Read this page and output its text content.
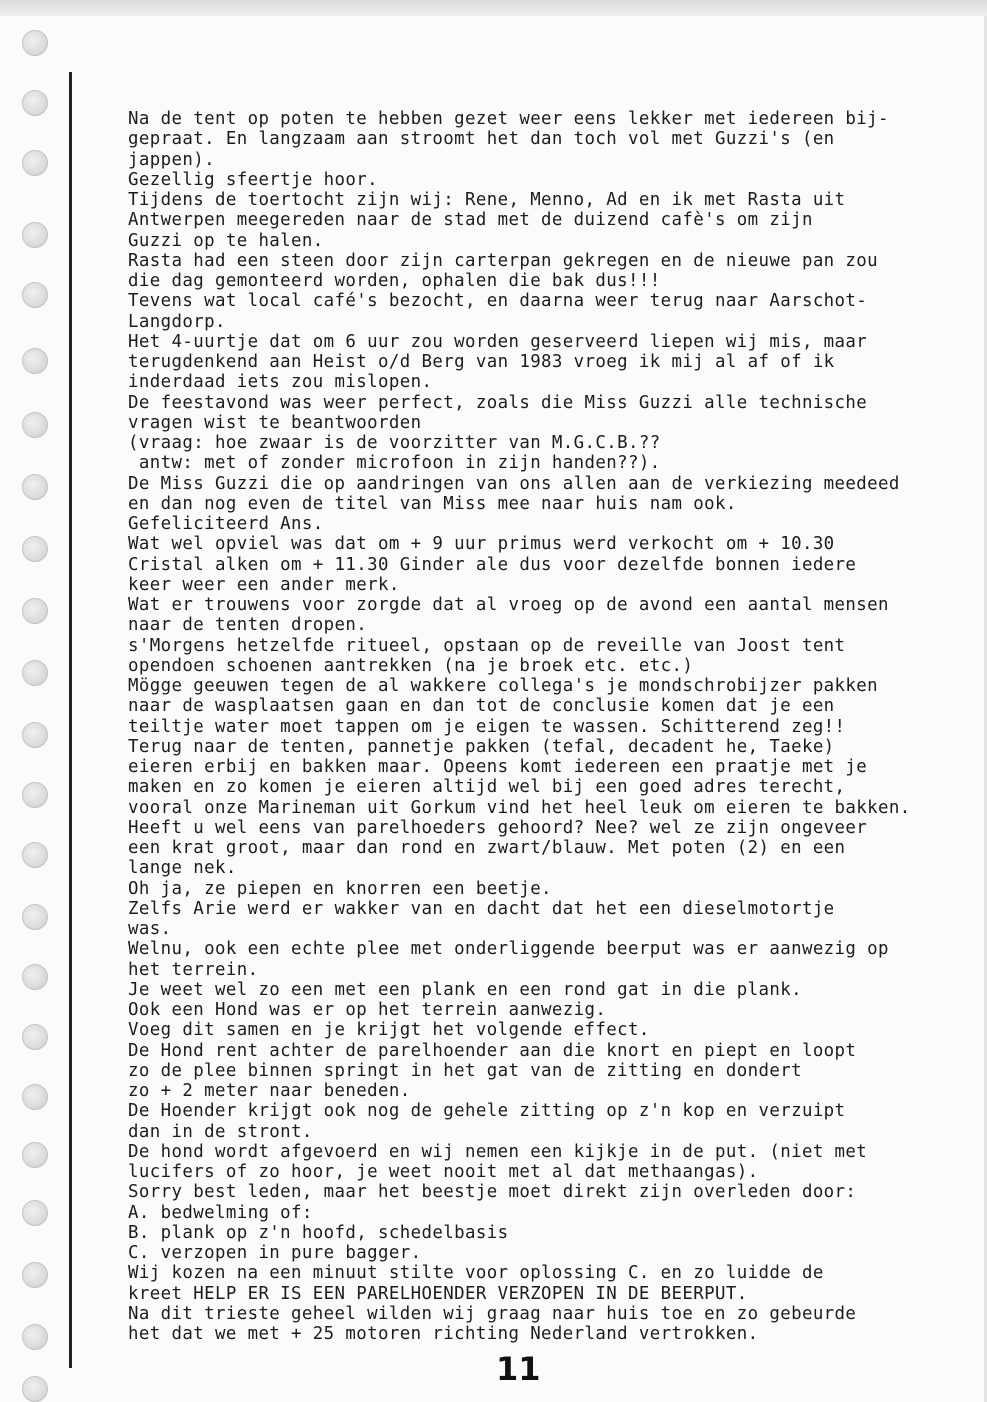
Na de tent op poten te hebben gezet weer eens lekker met iedereen bij-
gepraat. En langzaam aan stroomt het dan toch vol met Guzzi's (en
jappen).
Gezellig sfeertje hoor.
Tijdens de toertocht zijn wij: Rene, Menno, Ad en ik met Rasta uit
Antwerpen meegereden naar de stad met de duizend cafè's om zijn
Guzzi op te halen.
Rasta had een steen door zijn carterpan gekregen en de nieuwe pan zou
die dag gemonteerd worden, ophalen die bak dus!!!
Tevens wat local café's bezocht, en daarna weer terug naar Aarschot-
Langdorp.
Het 4-uurtje dat om 6 uur zou worden geserveerd liepen wij mis, maar
terugdenkend aan Heist o/d Berg van 1983 vroeg ik mij al af of ik
inderdaad iets zou mislopen.
De feestavond was weer perfect, zoals die Miss Guzzi alle technische
vragen wist te beantwoorden
(vraag: hoe zwaar is de voorzitter van M.G.C.B.??
antw: met of zonder microfoon in zijn handen??).
De Miss Guzzi die op aandringen van ons allen aan de verkiezing meedeed
en dan nog even de titel van Miss mee naar huis nam ook.
Gefeliciteerd Ans.
Wat wel opviel was dat om + 9 uur primus werd verkocht om + 10.30
Cristal alken om + 11.30 Ginder ale dus voor dezelfde bonnen iedere
keer weer een ander merk.
Wat er trouwens voor zorgde dat al vroeg op de avond een aantal mensen
naar de tenten dropen.
s'Morgens hetzelfde ritueel, opstaan op de reveille van Joost tent
opendoen schoenen aantrekken (na je broek etc. etc.)
Mögge geeuwen tegen de al wakkere collega's je mondschrobijzer pakken
naar de wasplaatsen gaan en dan tot de conclusie komen dat je een
teiltje water moet tappen om je eigen te wassen. Schitterend zeg!!
Terug naar de tenten, pannetje pakken (tefal, decadent he, Taeke)
eieren erbij en bakken maar. Opeens komt iedereen een praatje met je
maken en zo komen je eieren altijd wel bij een goed adres terecht,
vooral onze Marineman uit Gorkum vind het heel leuk om eieren te bakken.
Heeft u wel eens van parelhoeders gehoord? Nee? wel ze zijn ongeveer
een krat groot, maar dan rond en zwart/blauw. Met poten (2) en een
lange nek.
Oh ja, ze piepen en knorren een beetje.
Zelfs Arie werd er wakker van en dacht dat het een dieselmotortje
was.
Welnu, ook een echte plee met onderliggende beerput was er aanwezig op
het terrein.
Je weet wel zo een met een plank en een rond gat in die plank.
Ook een Hond was er op het terrein aanwezig.
Voeg dit samen en je krijgt het volgende effect.
De Hond rent achter de parelhoender aan die knort en piept en loopt
zo de plee binnen springt in het gat van de zitting en dondert
zo + 2 meter naar beneden.
De Hoender krijgt ook nog de gehele zitting op z'n kop en verzuipt
dan in de stront.
De hond wordt afgevoerd en wij nemen een kijkje in de put. (niet met
lucifers of zo hoor, je weet nooit met al dat methaangas).
Sorry best leden, maar het beestje moet direkt zijn overleden door:
A. bedwelming of:
B. plank op z'n hoofd, schedelbasis
C. verzopen in pure bagger.
Wij kozen na een minuut stilte voor oplossing C. en zo luidde de
kreet HELP ER IS EEN PARELHOENDER VERZOPEN IN DE BEERPUT.
Na dit trieste geheel wilden wij graag naar huis toe en zo gebeurde
het dat we met + 25 motoren richting Nederland vertrokken.
11
